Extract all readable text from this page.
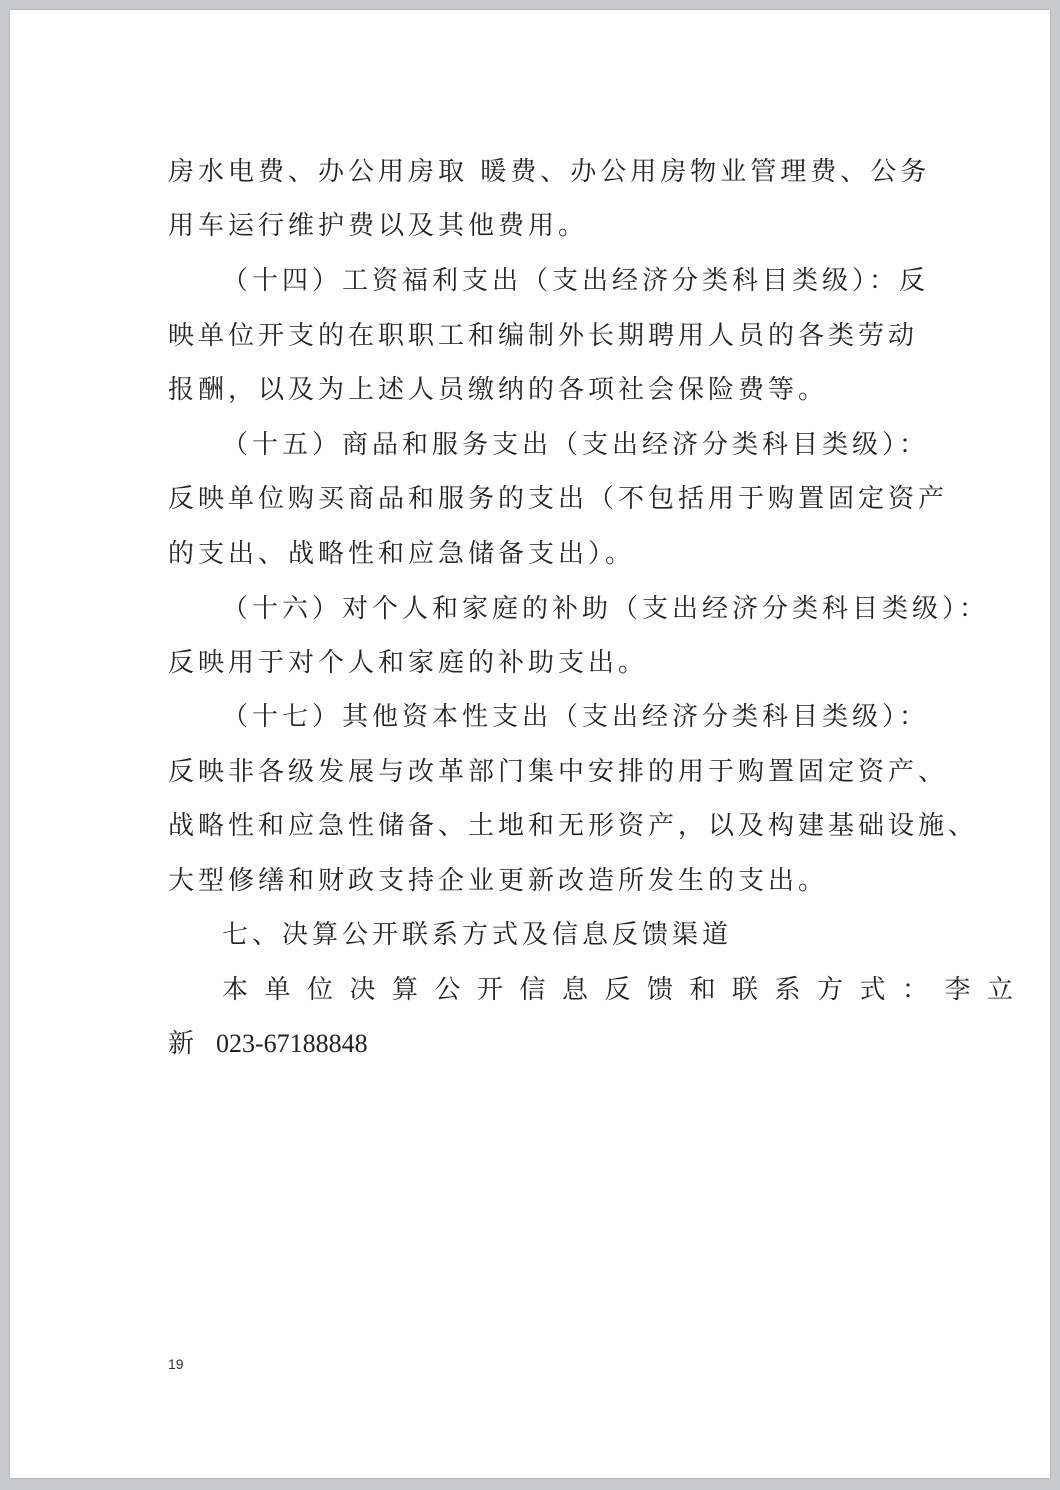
房水电费、办公用房取 暖费、办公用房物业管理费、公务
用车运行维护费以及其他费用。
（十四）工资福利支出（支出经济分类科目类级）：反
映单位开支的在职职工和编制外长期聘用人员的各类劳动
报酬，以及为上述人员缴纳的各项社会保险费等。
（十五）商品和服务支出（支出经济分类科目类级）：
反映单位购买商品和服务的支出（不包括用于购置固定资产
的支出、战略性和应急储备支出）。
（十六）对个人和家庭的补助（支出经济分类科目类级）：
反映用于对个人和家庭的补助支出。
（十七）其他资本性支出（支出经济分类科目类级）：
反映非各级发展与改革部门集中安排的用于购置固定资产、
战略性和应急性储备、土地和无形资产，以及构建基础设施、
大型修缮和财政支持企业更新改造所发生的支出。
七、决算公开联系方式及信息反馈渠道
本单位决算公开信息反馈和联系方式：李立
新 023-67188848
19
